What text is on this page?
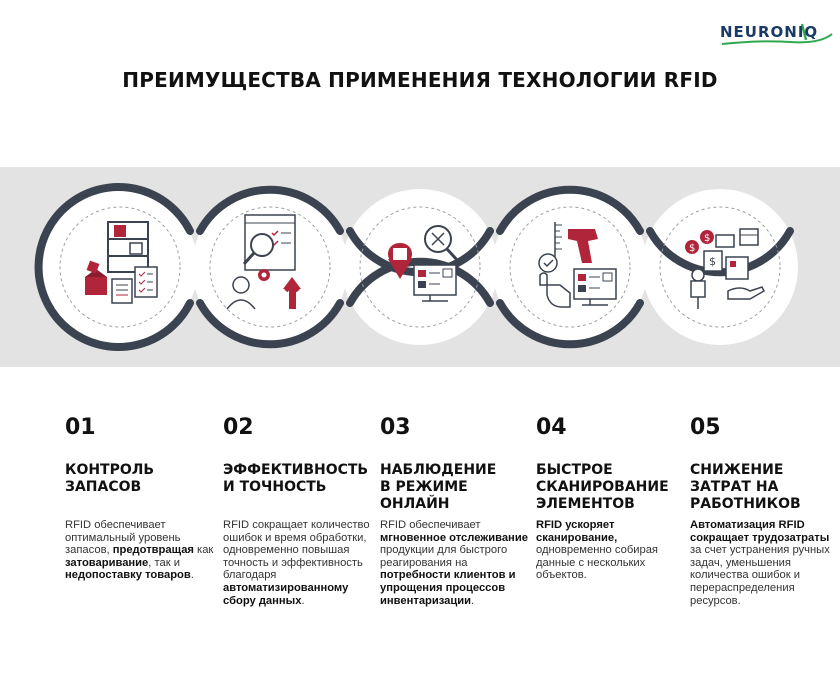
NEURONIQ
ПРЕИМУЩЕСТВА ПРИМЕНЕНИЯ ТЕХНОЛОГИИ RFID
$
$
$
01
КОНТРОЛЬ ЗАПАСОВ
RFID обеспечивает оптимальный уровень запасов, предотвращая как затоваривание, так и недопоставку товаров.
02
ЭФФЕКТИВНОСТЬ И ТОЧНОСТЬ
RFID сокращает количество ошибок и время обработки, одновременно повышая точность и эффективность благодаря автоматизированному сбору данных.
03
НАБЛЮДЕНИЕ В РЕЖИМЕ ОНЛАЙН
RFID обеспечивает мгновенное отслеживание продукции для быстрого реагирования на потребности клиентов и упрощения процессов инвентаризации.
04
БЫСТРОЕ СКАНИРОВАНИЕ ЭЛЕМЕНТОВ
RFID ускоряет сканирование, одновременно собирая данные с нескольких объектов.
05
СНИЖЕНИЕ ЗАТРАТ НА РАБОТНИКОВ
Автоматизация RFID сокращает трудозатраты за счет устранения ручных задач, уменьшения количества ошибок и перераспределения ресурсов.
